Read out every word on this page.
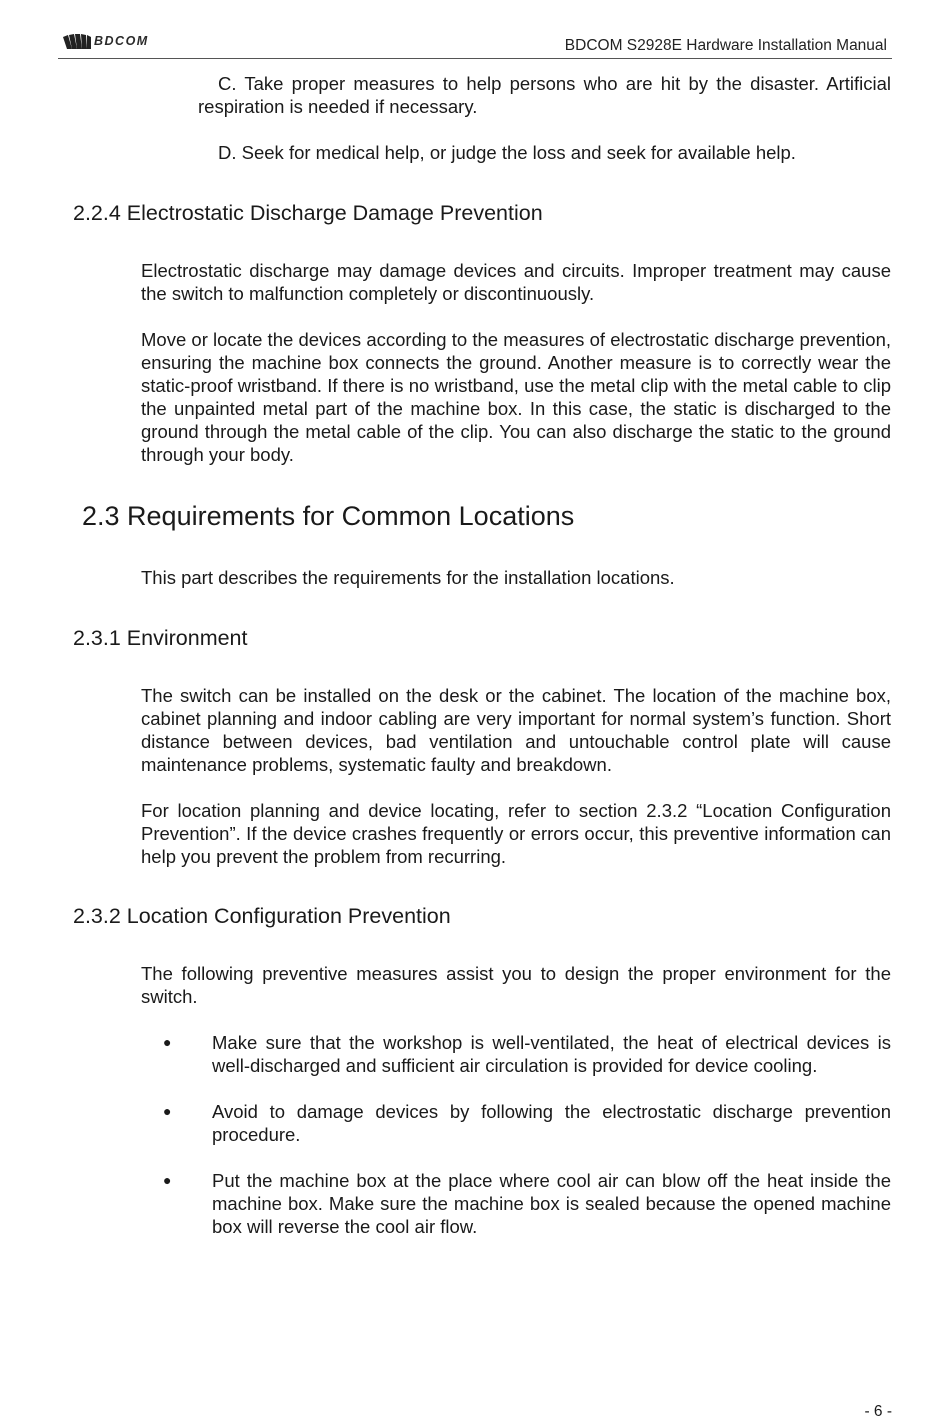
BDCOM	BDCOM S2928E Hardware Installation Manual

C. Take proper measures to help persons who are hit by the disaster. Artificial respiration is needed if necessary.

D. Seek for medical help, or judge the loss and seek for available help.

2.2.4 Electrostatic Discharge Damage Prevention

Electrostatic discharge may damage devices and circuits. Improper treatment may cause the switch to malfunction completely or discontinuously.

Move or locate the devices according to the measures of electrostatic discharge prevention, ensuring the machine box connects the ground. Another measure is to correctly wear the static-proof wristband. If there is no wristband, use the metal clip with the metal cable to clip the unpainted metal part of the machine box. In this case, the static is discharged to the ground through the metal cable of the clip. You can also discharge the static to the ground through your body.

2.3 Requirements for Common Locations

This part describes the requirements for the installation locations.

2.3.1 Environment

The switch can be installed on the desk or the cabinet. The location of the machine box, cabinet planning and indoor cabling are very important for normal system’s function. Short distance between devices, bad ventilation and untouchable control plate will cause maintenance problems, systematic faulty and breakdown.

For location planning and device locating, refer to section 2.3.2 “Location Configuration Prevention”. If the device crashes frequently or errors occur, this preventive information can help you prevent the problem from recurring.

2.3.2 Location Configuration Prevention

The following preventive measures assist you to design the proper environment for the switch.

● Make sure that the workshop is well-ventilated, the heat of electrical devices is well-discharged and sufficient air circulation is provided for device cooling.

● Avoid to damage devices by following the electrostatic discharge prevention procedure.

● Put the machine box at the place where cool air can blow off the heat inside the machine box. Make sure the machine box is sealed because the opened machine box will reverse the cool air flow.

- 6 -
